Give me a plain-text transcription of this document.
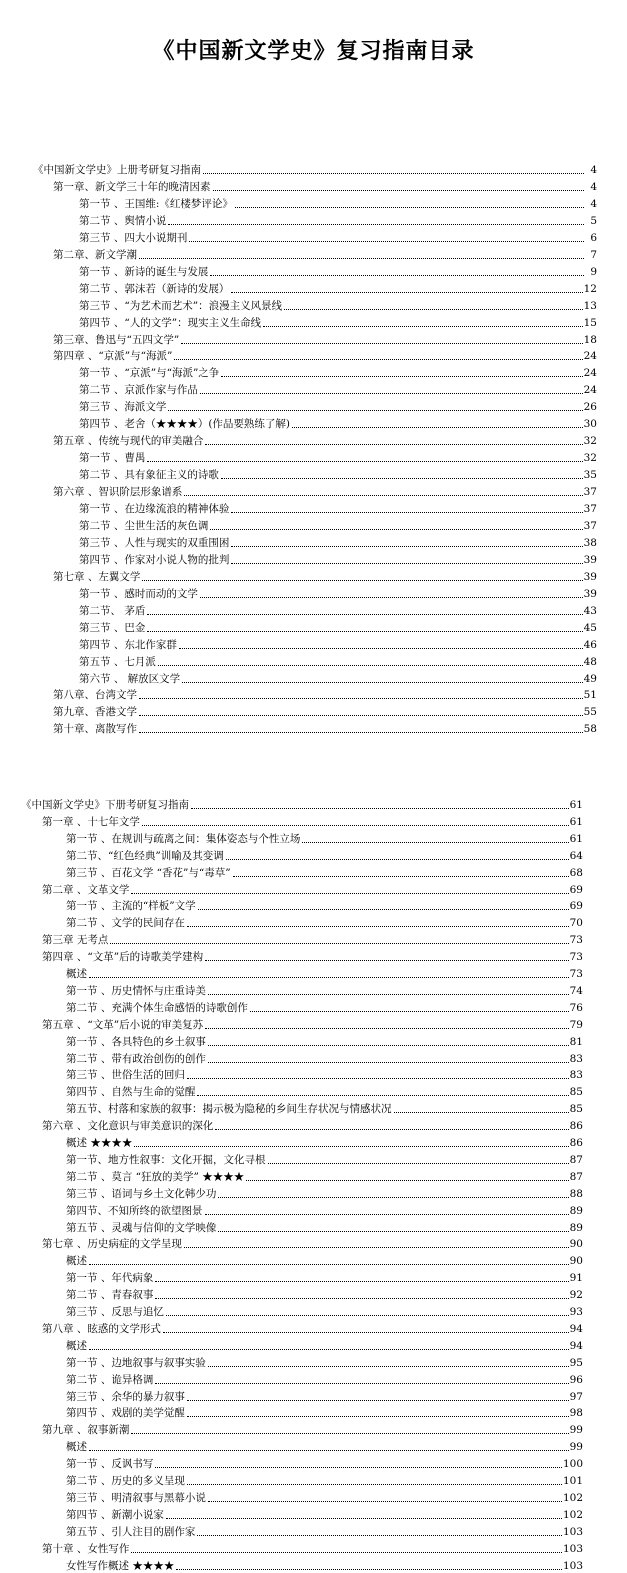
《中国新文学史》复习指南目录
《中国新文学史》上册考研复习指南	4
第一章、新文学三十年的晚清因素	4
第一节 、王国维:《红楼梦评论》	4
第二节 、舆情小说	5
第三节 、四大小说期刊	6
第二章、新文学潮	7
第一节 、新诗的诞生与发展	9
第二节 、郭沫若（新诗的发展）	12
第三节 、“为艺术而艺术”：浪漫主义风景线	13
第四节 、“人的文学”：现实主义生命线	15
第三章、鲁迅与“五四文学”	18
第四章 、“京派”与“海派”	24
第一节 、“京派”与“海派”之争	24
第二节 、京派作家与作品	24
第三节 、海派文学	26
第四节 、老舍（★★★★）(作品要熟练了解)	30
第五章 、传统与现代的审美融合	32
第一节 、曹禺	32
第二节 、具有象征主义的诗歌	35
第六章 、智识阶层形象谱系	37
第一节 、在边缘流浪的精神体验	37
第二节 、尘世生活的灰色调	37
第三节 、人性与现实的双重围困	38
第四节 、作家对小说人物的批判	39
第七章 、左翼文学	39
第一节 、感时而动的文学	39
第二节、 茅盾	43
第三节 、巴金	45
第四节 、东北作家群	46
第五节 、七月派	48
第六节 、 解放区文学	49
第八章、台湾文学	51
第九章、香港文学	55
第十章、离散写作	58
《中国新文学史》下册考研复习指南	61
第一章 、十七年文学	61
第一节 、在规训与疏离之间：集体姿态与个性立场	61
第二节、“红色经典”训喻及其变调	64
第三节 、百花文学 “香花”与“毒草”	68
第二章 、文革文学	69
第一节 、主流的“样板”文学	69
第二节 、文学的民间存在	70
第三章 无考点	73
第四章 、“文革”后的诗歌美学建构	73
概述	73
第一节 、历史情怀与庄重诗美	74
第二节 、充满个体生命感悟的诗歌创作	76
第五章 、“文革”后小说的审美复苏	79
第一节 、各具特色的乡土叙事	81
第二节 、带有政治创伤的创作	83
第三节 、世俗生活的回归	83
第四节 、自然与生命的觉醒	85
第五节、村落和家族的叙事：揭示极为隐秘的乡间生存状况与情感状况	85
第六章 、文化意识与审美意识的深化	86
概述 ★★★★	86
第一节、地方性叙事：文化开掘，文化寻根	87
第二节 、莫言 “狂放的美学” ★★★★	87
第三节 、语词与乡土文化韩少功	88
第四节、不知所终的欲望图景	89
第五节 、灵魂与信仰的文学映像	89
第七章 、历史病症的文学呈现	90
概述	90
第一节 、年代病象	91
第二节 、青春叙事	92
第三节 、反思与追忆	93
第八章 、眩惑的文学形式	94
概述	94
第一节 、边地叙事与叙事实验	95
第二节 、诡异格调	96
第三节 、余华的暴力叙事	97
第四节 、戏剧的美学觉醒	98
第九章 、叙事新潮	99
概述	99
第一节 、反讽书写	100
第二节 、历史的多义呈现	101
第三节 、明清叙事与黑幕小说	102
第四节 、新潮小说家	102
第五节 、引人注目的剧作家	103
第十章 、女性写作	103
女性写作概述 ★★★★	103
